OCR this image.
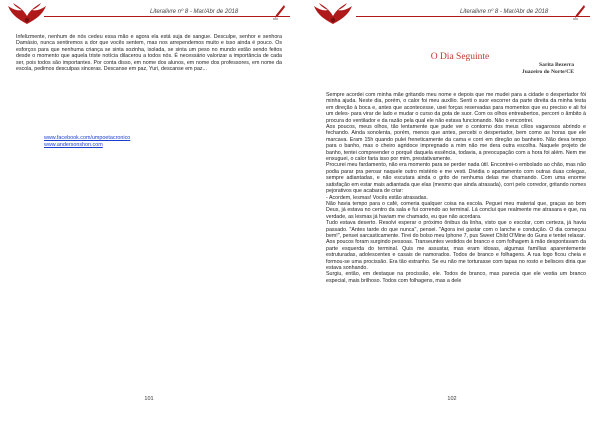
Literalivre nº 8 - Mar/Abr de 2018

Infelizmente, nenhum de nós cedeu essa mão e agora ela está suja de sangue. Desculpe, senhor e senhora Damásio, nunca sentiremos a dor que vocês sentem, mas nos arrependemos muito e isso ainda é pouco. Os esforços para que nenhuma criança se sinta sozinha, isolada, se sinta um peso no mundo estão sendo feitos desde o momento que aquela triste notícia dilacerou a todos nós. É necessário valorizar a importância de cada ser, pois todos são importantes. Por conta disso, em nome dos alunos, em nome dos professores, em nome da escola, pedimos desculpas sinceras. Descanse em paz, Yuri, descanse em paz...

www.facebook.com/umpoetacronico
www.andersonshon.com
101
Literalivre nº 8 - Mar/Abr de 2018
O Dia Seguinte
Sarita Bezerra
Juazeiro do Norte/CE

Sempre acordei com minha mãe gritando meu nome e depois que me mudei para a cidade o despertador fói minha ajuda. Neste dia, porém, o calor foi meu auxílio. Senti o suor escorrer da parte direita da minha testa em direção à boca e, antes que acontecesse, usei forças reservadas para momentos que eu preciso e ali foi um deles- para virar de lado e mudar o curso da gota de suor. Com os olhos entreabertos, percorri o âmbito à procura do ventilador e da razão pela qual ele não estava funcionando. Não o encontrei.

Aos poucos, meus olhos, tão lentamente que pude ver o contorno dos meus cílios vagarosos abrindo e fechando. Ainda sonolenta, porém, menos que antes, percebi o despertador, bem como as horas que ele marcava. Eram 15h quando pulei freneticamente da cama e corri em direção ao banheiro. Não deva tempo para o banho, mas o cheiro agridoce impregnado a mim não me dera outra escolha. Naquele projeto de banho, tentei compreender o porquê daquela essência, todavia, a preocupação com a hora foi além. Nem me enxuguei, o calor faria isso por mim, prestativamente.

Procurei meu fardamento, não era momento para se perder nada útil. Encontrei-o embolado ao chão, mas não podia parar pra pensar naquele outro mistério e me vesti. Dividia o apartamento com outras duas colegas, sempre adiantadas, e não escutara ainda o grito de nenhuma delas me chamando. Com uma enorme satisfação em estar mais adiantada que elas (mesmo que ainda atrasada), corri pelo corredor, gritando nomes pejorativos que acabara de criar:

- Acordem, lesmas! Vocês estão atrasadas.

Não havia tempo para o café, comeria qualquer coisa na escola. Peguei meu material que, graças ao bom Deus, já estava no centro da sala e fui correndo ao terminal. Lá conclui que realmente me atrasara e que, na verdade, as lesmas já haviam me chamado, eu que não acordara.

Tudo estava deserto. Resolvi esperar o próximo ônibus da linha, visto que o escolar, com certeza, já havia passado. "Antes tarde do que nunca", pensei. "Agora irei gastar com o lanche e condução. O dia começou bem!", pensei sarcasticamente. Tirei do bolso meu Iphone 7, pus Sweet Child O'Mine do Guns e tentei relaxar.

Aos poucos foram surgindo pessoas. Transeuntes vestidos de branco e com folhagem à mão despontavam da parte esquerda do terminal. Quis me assustar, mas eram idosas, algumas famílias aparentemente estruturadas, adolescentes e casais de namorados. Todos de branco e folhagens. A rua logo ficou cheia e formou-se uma procissão. Era tão estranho. Se eu não me torturasse com tapas no rosto e belisces diria que estava sonhando.

Surgiu, então, em destaque na procissão, ele. Todos de branco, mas parecia que ele vestia um branco especial, mais brilhoso. Todos com folhagens, mas a dele

102
